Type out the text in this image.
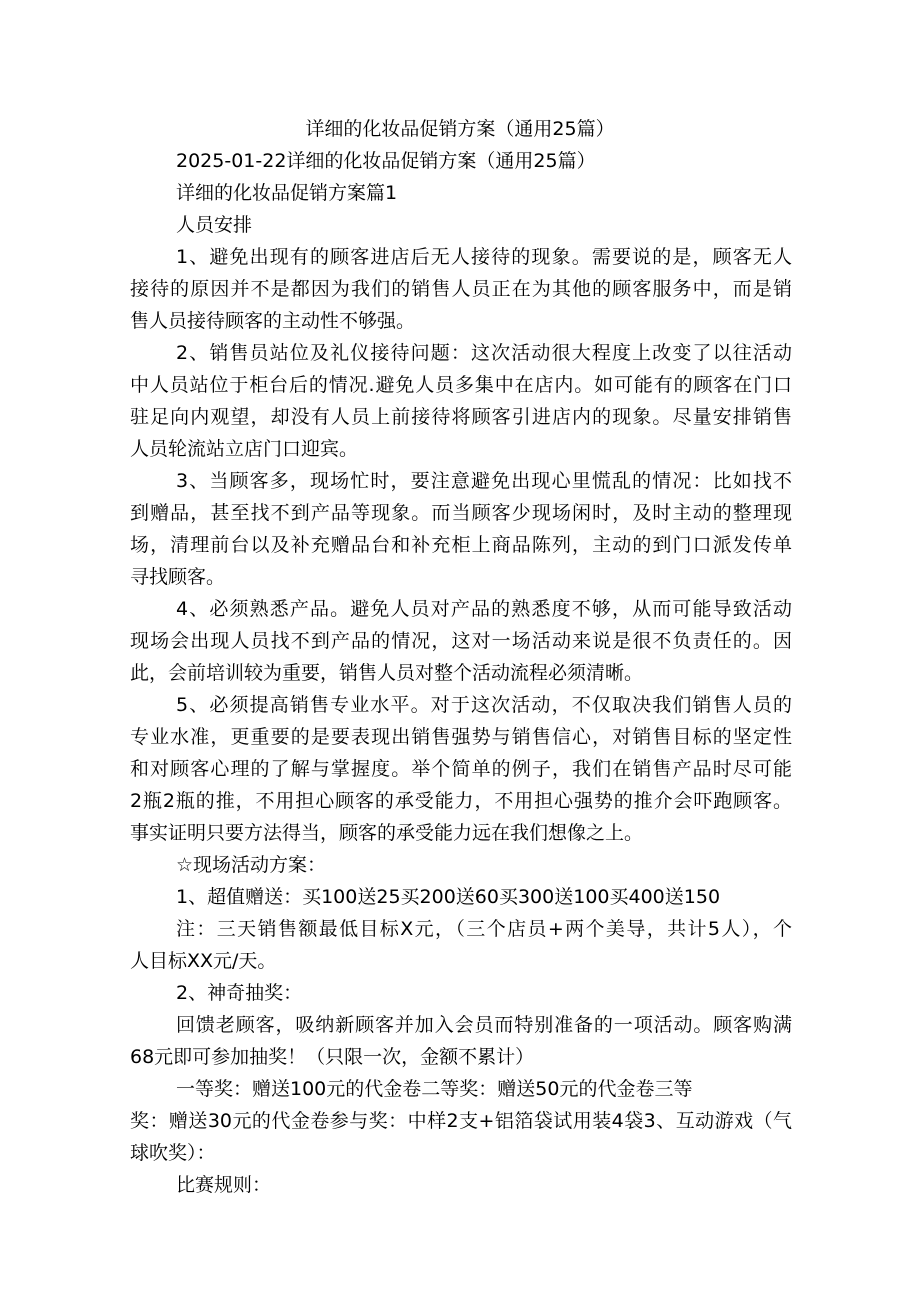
详细的化妆品促销方案（通用25篇）
2025-01-22详细的化妆品促销方案（通用25篇）
详细的化妆品促销方案篇1
人员安排
1、避免出现有的顾客进店后无人接待的现象。需要说的是，顾客无人
接待的原因并不是都因为我们的销售人员正在为其他的顾客服务中，而是销
售人员接待顾客的主动性不够强。
2、销售员站位及礼仪接待问题：这次活动很大程度上改变了以往活动
中人员站位于柜台后的情况.避免人员多集中在店内。如可能有的顾客在门口
驻足向内观望，却没有人员上前接待将顾客引进店内的现象。尽量安排销售
人员轮流站立店门口迎宾。
3、当顾客多，现场忙时，要注意避免出现心里慌乱的情况：比如找不
到赠品，甚至找不到产品等现象。而当顾客少现场闲时，及时主动的整理现
场，清理前台以及补充赠品台和补充柜上商品陈列，主动的到门口派发传单
寻找顾客。
4、必须熟悉产品。避免人员对产品的熟悉度不够，从而可能导致活动
现场会出现人员找不到产品的情况，这对一场活动来说是很不负责任的。因
此，会前培训较为重要，销售人员对整个活动流程必须清晰。
5、必须提高销售专业水平。对于这次活动，不仅取决我们销售人员的
专业水准，更重要的是要表现出销售强势与销售信心，对销售目标的坚定性
和对顾客心理的了解与掌握度。举个简单的例子，我们在销售产品时尽可能
2瓶2瓶的推，不用担心顾客的承受能力，不用担心强势的推介会吓跑顾客。
事实证明只要方法得当，顾客的承受能力远在我们想像之上。
☆现场活动方案：
1、超值赠送：买100送25买200送60买300送100买400送150
注：三天销售额最低目标X元，（三个店员+两个美导，共计5人），个
人目标XX元/天。
2、神奇抽奖：
回馈老顾客，吸纳新顾客并加入会员而特别准备的一项活动。顾客购满
68元即可参加抽奖！（只限一次，金额不累计）
一等奖：赠送100元的代金卷二等奖：赠送50元的代金卷三等
奖：赠送30元的代金卷参与奖：中样2支+铝箔袋试用装4袋3、互动游戏（气
球吹奖）：
比赛规则：
